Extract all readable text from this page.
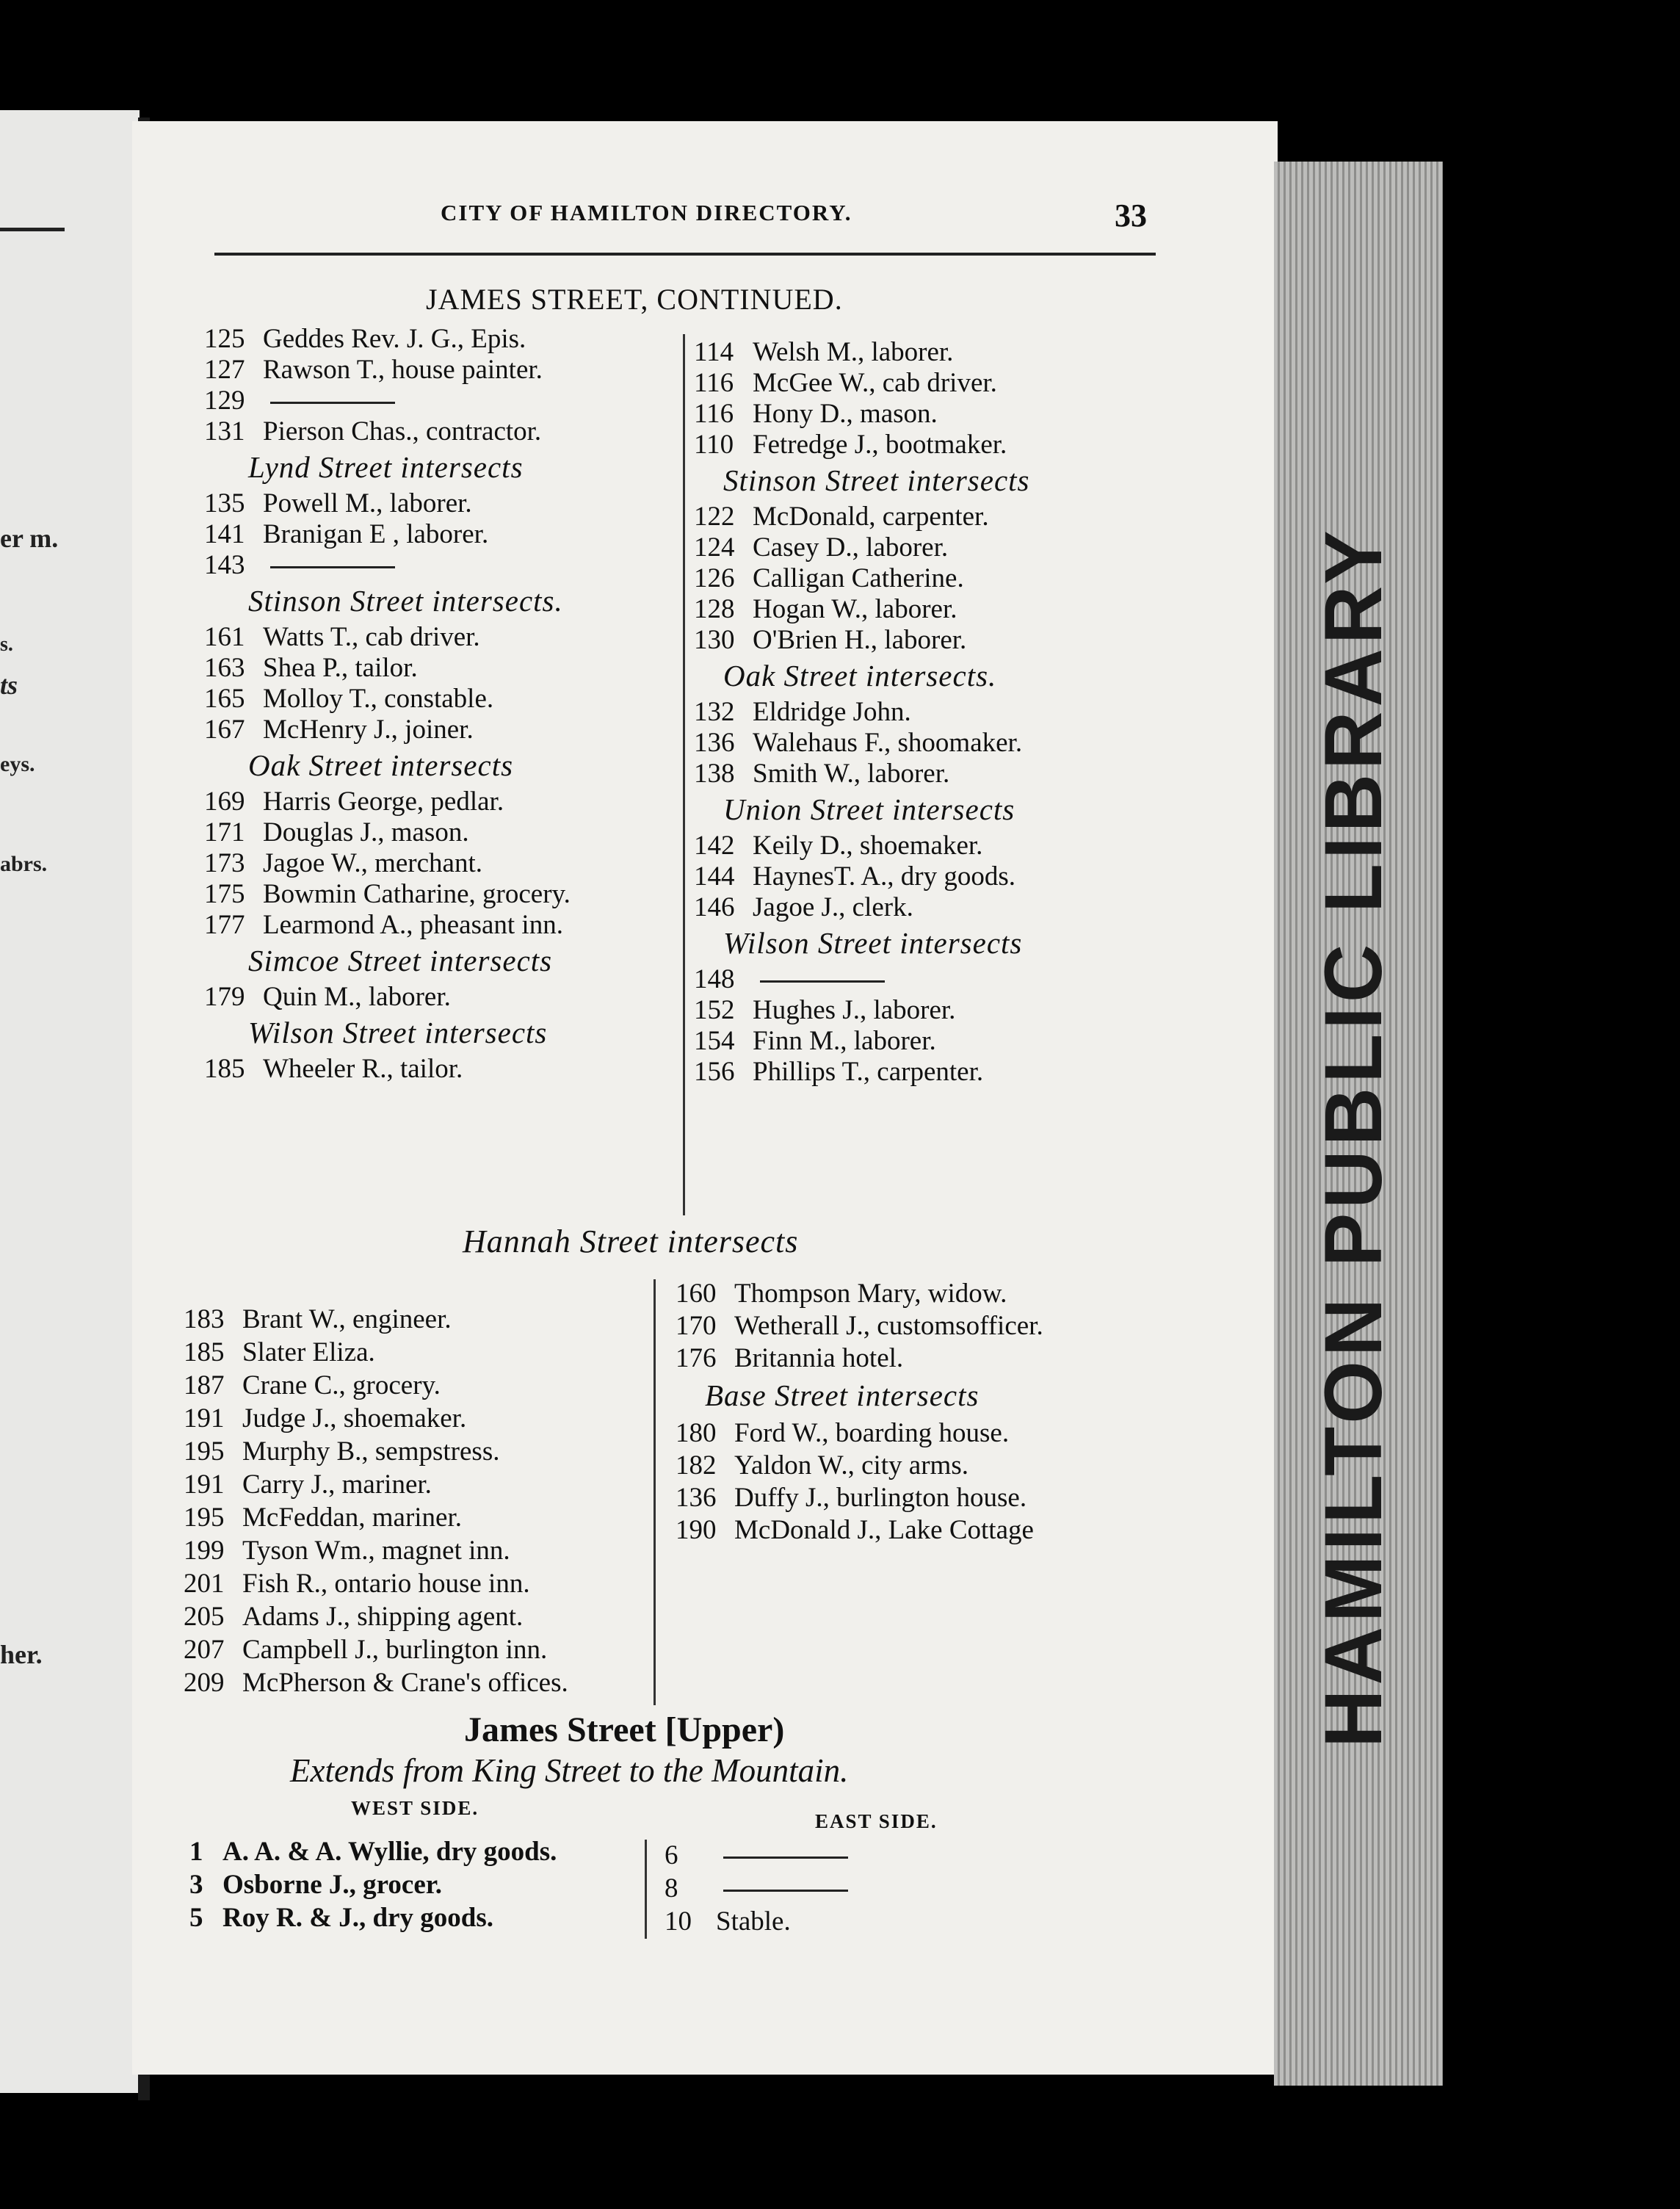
er m.
s.
ts
eys.
abrs.
her.	HAMILTON PUBLIC LIBRARY
CITY OF HAMILTON DIRECTORY.	33
JAMES STREET, CONTINUED.
125 Geddes Rev. J. G., Epis.
127 Rawson T., house painter.
129
131 Pierson Chas., contractor.
Lynd Street intersects
135 Powell M., laborer.
141 Branigan E , laborer.
143
Stinson Street intersects.
161 Watts T., cab driver.
163 Shea P., tailor.
165 Molloy T., constable.
167 McHenry J., joiner.
Oak Street intersects
169 Harris George, pedlar.
171 Douglas J., mason.
173 Jagoe W., merchant.
175 Bowmin Catharine, grocery.
177 Learmond A., pheasant inn.
Simcoe Street intersects
179 Quin M., laborer.
Wilson Street intersects
185 Wheeler R., tailor.
114 Welsh M., laborer.
116 McGee W., cab driver.
116 Hony D., mason.
110 Fetredge J., bootmaker.
Stinson Street intersects
122 McDonald, carpenter.
124 Casey D., laborer.
126 Calligan Catherine.
128 Hogan W., laborer.
130 O'Brien H., laborer.
Oak Street intersects.
132 Eldridge John.
136 Walehaus F., shoomaker.
138 Smith W., laborer.
Union Street intersects
142 Keily D., shoemaker.
144 HaynesT. A., dry goods.
146 Jagoe J., clerk.
Wilson Street intersects
148
152 Hughes J., laborer.
154 Finn M., laborer.
156 Phillips T., carpenter.
Hannah Street intersects
183 Brant W., engineer.
185 Slater Eliza.
187 Crane C., grocery.
191 Judge J., shoemaker.
195 Murphy B., sempstress.
191 Carry J., mariner.
195 McFeddan, mariner.
199 Tyson Wm., magnet inn.
201 Fish R., ontario house inn.
205 Adams J., shipping agent.
207 Campbell J., burlington inn.
209 McPherson & Crane's offices.
160 Thompson Mary, widow.
170 Wetherall J., customsofficer.
176 Britannia hotel.
Base Street intersects
180 Ford W., boarding house.
182 Yaldon W., city arms.
136 Duffy J., burlington house.
190 McDonald J., Lake Cottage
James Street [Upper)
Extends from King Street to the Mountain.
WEST SIDE.
EAST SIDE.
1 A. A. & A. Wyllie, dry goods.
3 Osborne J., grocer.
5 Roy R. & J., dry goods.
6
8
10 Stable.
